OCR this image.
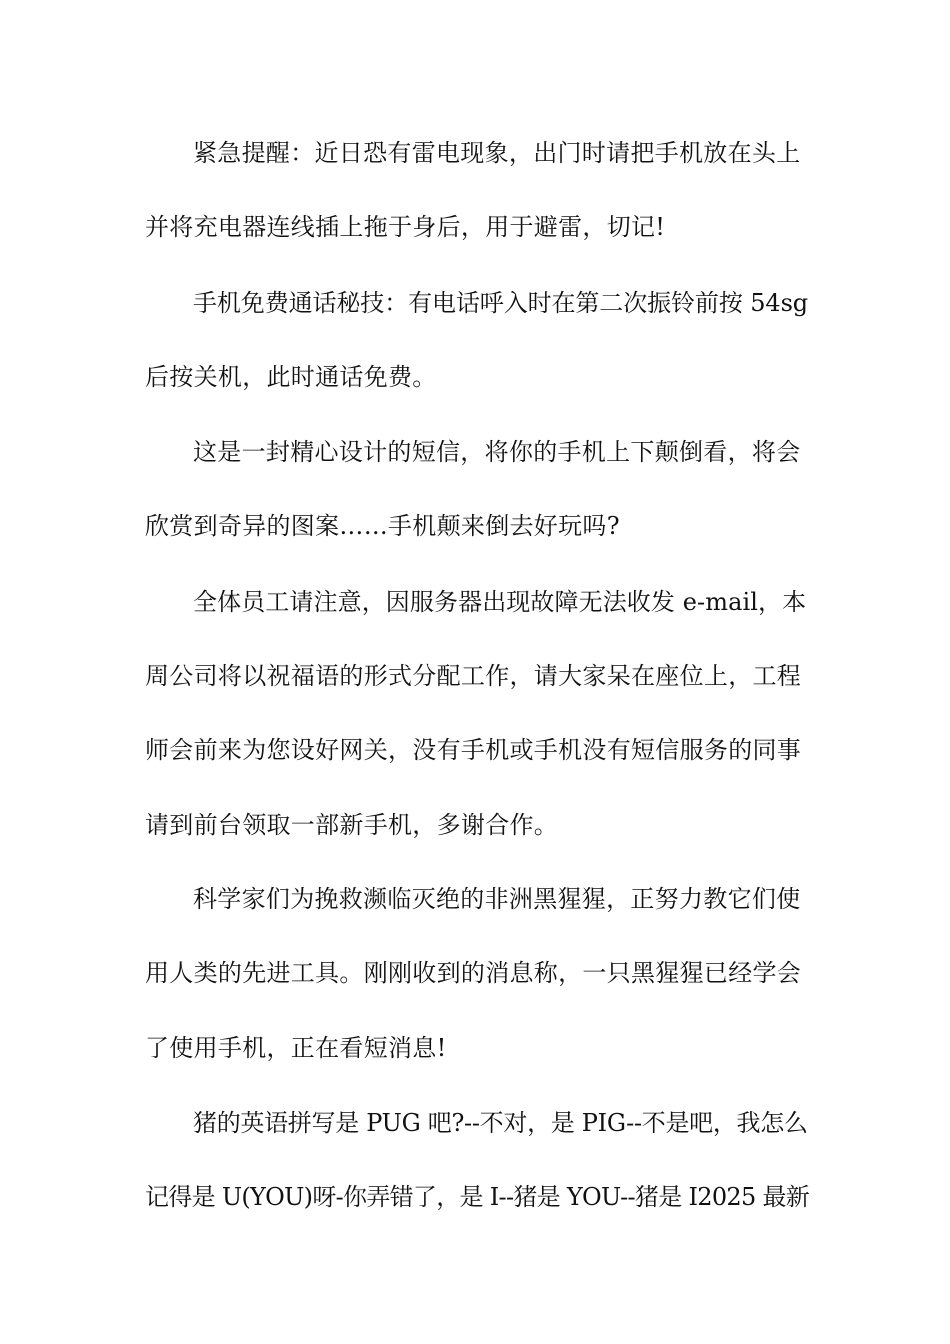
紧急提醒：近日恐有雷电现象，出门时请把手机放在头上
并将充电器连线插上拖于身后，用于避雷，切记!
手机免费通话秘技：有电话呼入时在第二次振铃前按 54sg
后按关机，此时通话免费。
这是一封精心设计的短信，将你的手机上下颠倒看，将会
欣赏到奇异的图案……手机颠来倒去好玩吗?
全体员工请注意，因服务器出现故障无法收发 e-mail，本
周公司将以祝福语的形式分配工作，请大家呆在座位上，工程
师会前来为您设好网关，没有手机或手机没有短信服务的同事
请到前台领取一部新手机，多谢合作。
科学家们为挽救濒临灭绝的非洲黑猩猩，正努力教它们使
用人类的先进工具。刚刚收到的消息称，一只黑猩猩已经学会
了使用手机，正在看短消息!
猪的英语拼写是 PUG 吧?--不对，是 PIG--不是吧，我怎么
记得是 U(YOU)呀-你弄错了，是 I--猪是 YOU--猪是 I2025 最新
